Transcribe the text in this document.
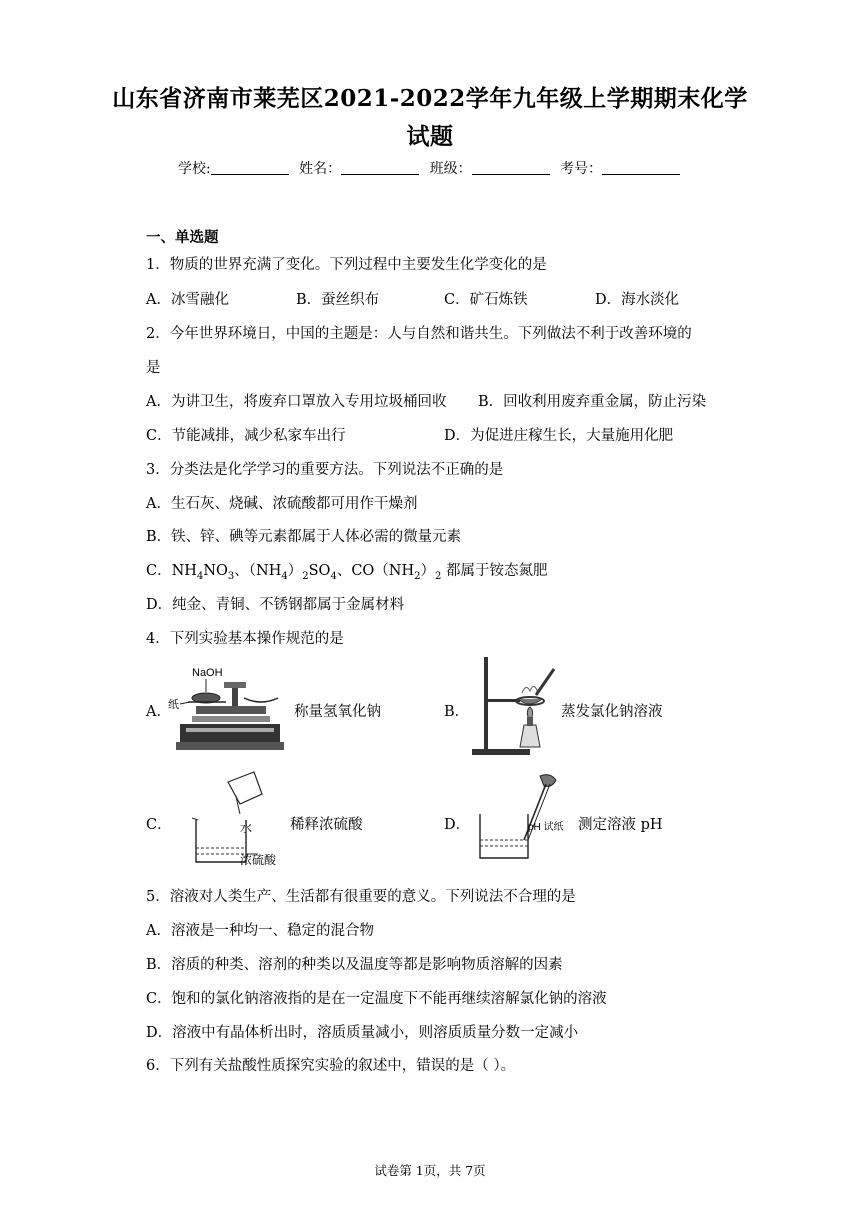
山东省济南市莱芜区2021-2022学年九年级上学期期末化学
试题
学校:	姓名：	班级：	考号：
一、单选题
1．物质的世界充满了变化。下列过程中主要发生化学变化的是
A．冰雪融化	B．蚕丝织布	C．矿石炼铁	D．海水淡化
2．今年世界环境日，中国的主题是：人与自然和谐共生。下列做法不利于改善环境的
是
A．为讲卫生，将废弃口罩放入专用垃圾桶回收 B．回收利用废弃重金属，防止污染
C．节能减排，减少私家车出行	D．为促进庄稼生长，大量施用化肥
3．分类法是化学学习的重要方法。下列说法不正确的是
A．生石灰、烧碱、浓硫酸都可用作干燥剂
B．铁、锌、碘等元素都属于人体必需的微量元素
C．$NH_4NO_3$、$(NH_4)_2SO_4$、$CO(NH_2)_2$ 都属于铵态氮肥
D．纯金、青铜、不锈钢都属于金属材料
4．下列实验基本操作规范的是
A．
NaOH
纸	称量氢氧化钠	B．	蒸发氯化钠溶液
C．	水
浓硫酸
稀释浓硫酸	D．	pH 试纸 测定溶液 pH
5．溶液对人类生产、生活都有很重要的意义。下列说法不合理的是
A．溶液是一种均一、稳定的混合物
B．溶质的种类、溶剂的种类以及温度等都是影响物质溶解的因素
C．饱和的氯化钠溶液指的是在一定温度下不能再继续溶解氯化钠的溶液
D．溶液中有晶体析出时，溶质质量减小，则溶质质量分数一定减小
6．下列有关盐酸性质探究实验的叙述中，错误的是（ ）。
试卷第 1页，共 7页
